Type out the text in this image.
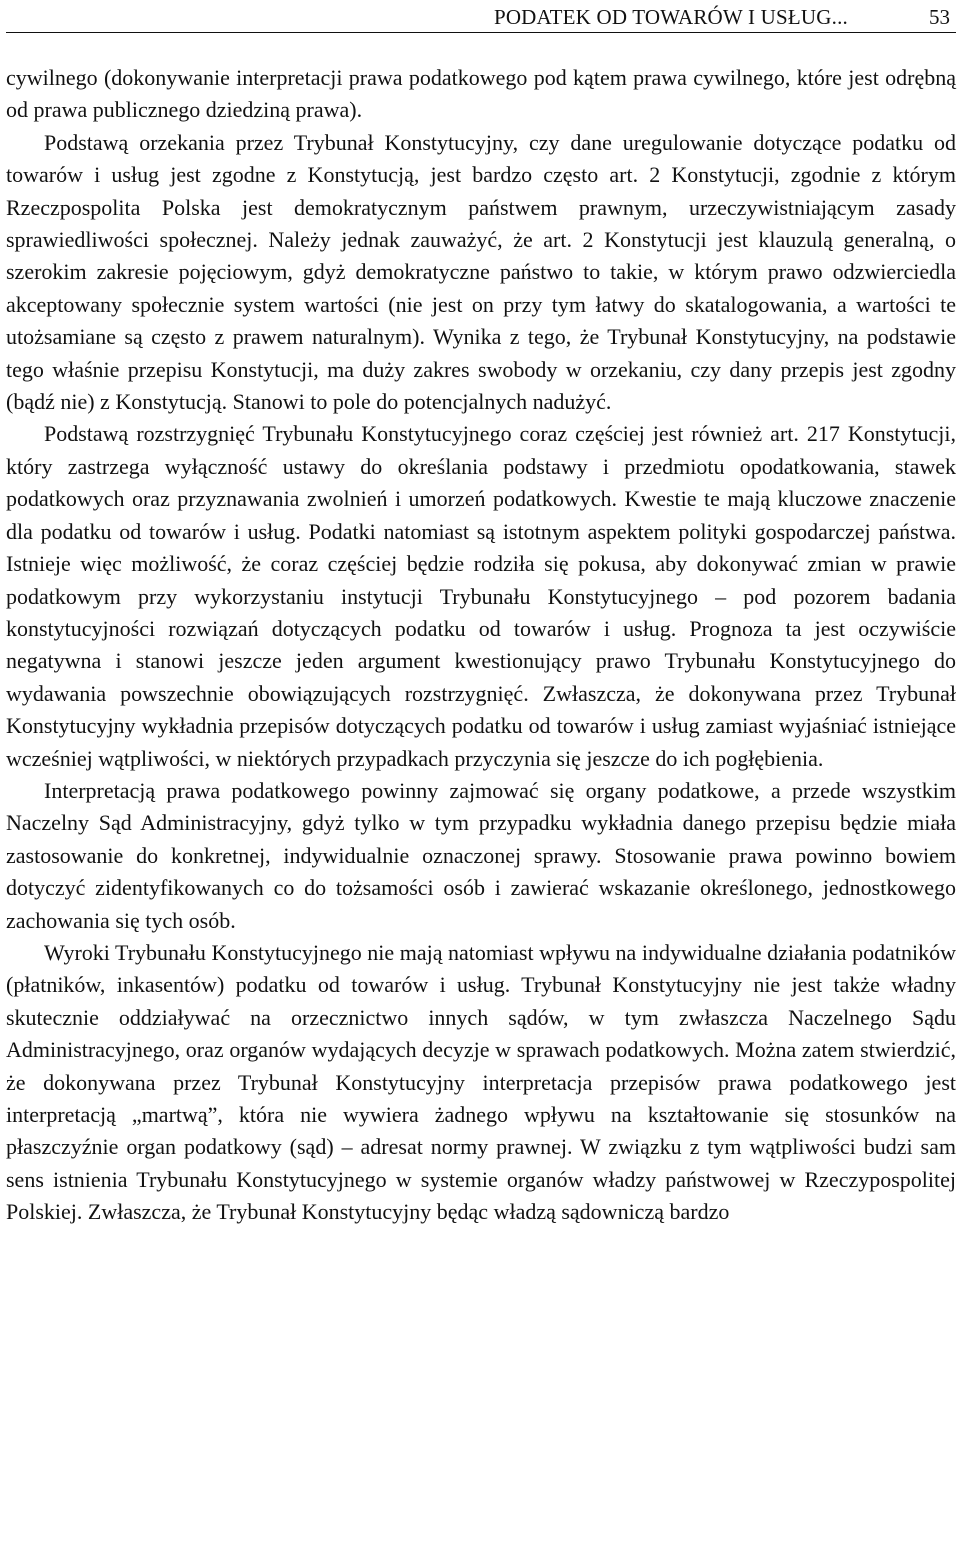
PODATEK OD TOWARÓW I USŁUG...	53

cywilnego (dokonywanie interpretacji prawa podatkowego pod kątem prawa cywilnego, które jest odrębną od prawa publicznego dziedziną prawa).

Podstawą orzekania przez Trybunał Konstytucyjny, czy dane uregulowanie dotyczące podatku od towarów i usług jest zgodne z Konstytucją, jest bardzo często art. 2 Konstytucji, zgodnie z którym Rzeczpospolita Polska jest demokratycznym państwem prawnym, urzeczywistniającym zasady sprawiedliwości społecznej. Należy jednak zauważyć, że art. 2 Konstytucji jest klauzulą generalną, o szerokim zakresie pojęciowym, gdyż demokratyczne państwo to takie, w którym prawo odzwierciedla akceptowany społecznie system wartości (nie jest on przy tym łatwy do skatalogowania, a wartości te utożsamiane są często z prawem naturalnym). Wynika z tego, że Trybunał Konstytucyjny, na podstawie tego właśnie przepisu Konstytucji, ma duży zakres swobody w orzekaniu, czy dany przepis jest zgodny (bądź nie) z Konstytucją. Stanowi to pole do potencjalnych nadużyć.

Podstawą rozstrzygnięć Trybunału Konstytucyjnego coraz częściej jest również art. 217 Konstytucji, który zastrzega wyłączność ustawy do określania podstawy i przedmiotu opodatkowania, stawek podatkowych oraz przyznawania zwolnień i umorzeń podatkowych. Kwestie te mają kluczowe znaczenie dla podatku od towarów i usług. Podatki natomiast są istotnym aspektem polityki gospodarczej państwa. Istnieje więc możliwość, że coraz częściej będzie rodziła się pokusa, aby dokonywać zmian w prawie podatkowym przy wykorzystaniu instytucji Trybunału Konstytucyjnego – pod pozorem badania konstytucyjności rozwiązań dotyczących podatku od towarów i usług. Prognoza ta jest oczywiście negatywna i stanowi jeszcze jeden argument kwestionujący prawo Trybunału Konstytucyjnego do wydawania powszechnie obowiązujących rozstrzygnięć. Zwłaszcza, że dokonywana przez Trybunał Konstytucyjny wykładnia przepisów dotyczących podatku od towarów i usług zamiast wyjaśniać istniejące wcześniej wątpliwości, w niektórych przypadkach przyczynia się jeszcze do ich pogłębienia.

Interpretacją prawa podatkowego powinny zajmować się organy podatkowe, a przede wszystkim Naczelny Sąd Administracyjny, gdyż tylko w tym przypadku wykładnia danego przepisu będzie miała zastosowanie do konkretnej, indywidualnie oznaczonej sprawy. Stosowanie prawa powinno bowiem dotyczyć zidentyfikowanych co do tożsamości osób i zawierać wskazanie określonego, jednostkowego zachowania się tych osób.

Wyroki Trybunału Konstytucyjnego nie mają natomiast wpływu na indywidualne działania podatników (płatników, inkasentów) podatku od towarów i usług. Trybunał Konstytucyjny nie jest także władny skutecznie oddziaływać na orzecznictwo innych sądów, w tym zwłaszcza Naczelnego Sądu Administracyjnego, oraz organów wydających decyzje w sprawach podatkowych. Można zatem stwierdzić, że dokonywana przez Trybunał Konstytucyjny interpretacja przepisów prawa podatkowego jest interpretacją „martwą”, która nie wywiera żadnego wpływu na kształtowanie się stosunków na płaszczyźnie organ podatkowy (sąd) – adresat normy prawnej. W związku z tym wątpliwości budzi sam sens istnienia Trybunału Konstytucyjnego w systemie organów władzy państwowej w Rzeczypospolitej Polskiej. Zwłaszcza, że Trybunał Konstytucyjny będąc władzą sądowniczą bardzo
